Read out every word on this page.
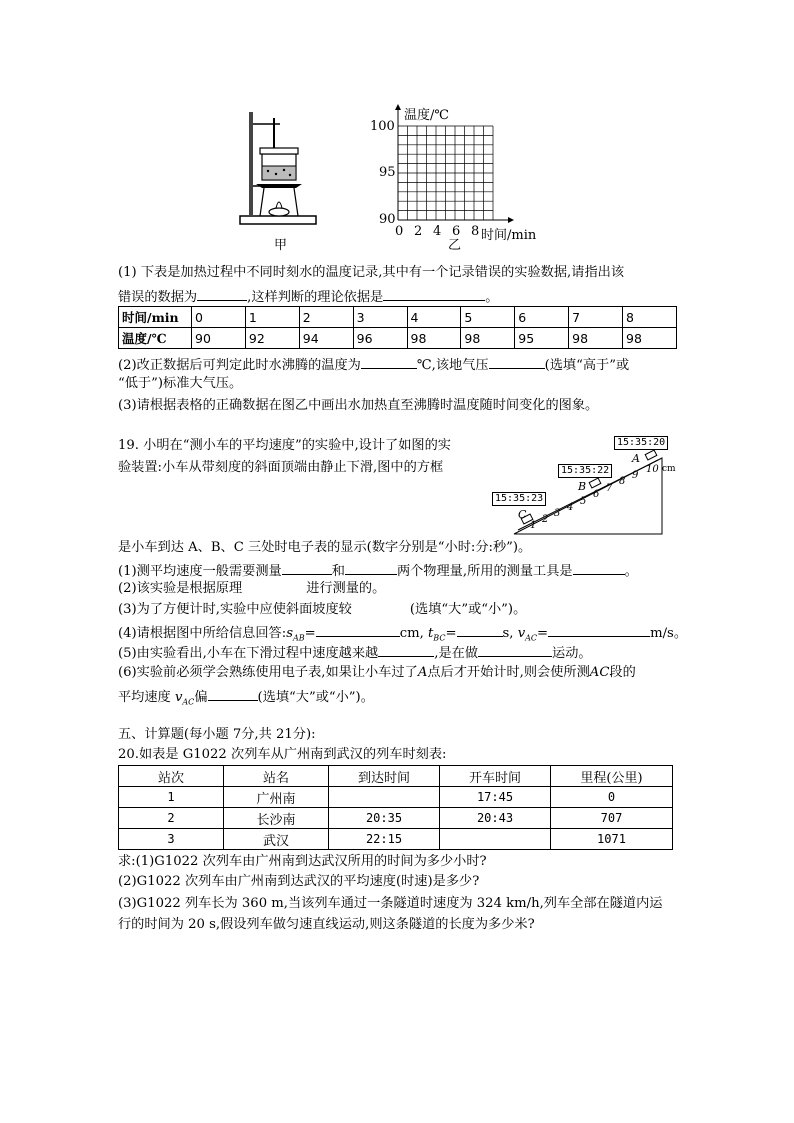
甲
温度/℃
100
95
90
0 2 4 6 8 时间/min
乙
(1) 下表是加热过程中不同时刻水的温度记录,其中有一个记录错误的实验数据,请指出该
错误的数据为	,这样判断的理论依据是	。
时间/min	0	1	2	3	4	5	6	7	8
温度/℃	90	92	94	96	98	98	95	98	98
(2)改正数据后可判定此时水沸腾的温度为	℃,该地气压	(选填“高于”或
“低于”)标准大气压。
(3)请根据表格的正确数据在图乙中画出水加热直至沸腾时温度随时间变化的图象。
19. 小明在“测小车的平均速度”的实验中,设计了如图的实
验装置:小车从带刻度的斜面顶端由静止下滑,图中的方框
15:35:20
15:35:22
15:35:23
A
B
C
1
2
3
4
5
6
7
8
9
10 cm
是小车到达 A、B、C 三处时电子表的显示(数字分别是“小时:分:秒”)。
(1)测平均速度一般需要测量	和	两个物理量,所用的测量工具是	。
(2)该实验是根据原理	进行测量的。
(3)为了方便计时,实验中应使斜面坡度较	(选填“大”或“小”)。
(4)请根据图中所给信息回答$:s_{AB}=$	cm, $t_{BC}=$	s, $v_{AC}=$	m/s。
(5)由实验看出,小车在下滑过程中速度越来越	,是在做	运动。
(6)实验前必须学会熟练使用电子表,如果让小车过了A点后才开始计时,则会使所测AC段的
平均速度 $v_{AC}$偏	(选填“大”或“小”)。
五、计算题(每小题 7分,共 21分):
20.如表是 G1022 次列车从广州南到武汉的列车时刻表:
站次	站名	到达时间	开车时间	里程(公里)
1	广州南		17:45	0
2	长沙南	20:35	20:43	707
3	武汉	22:15		1071
求:(1)G1022 次列车由广州南到达武汉所用的时间为多少小时?
(2)G1022 次列车由广州南到达武汉的平均速度(时速)是多少?
(3)G1022 列车长为 360 m,当该列车通过一条隧道时速度为 324 km/h,列车全部在隧道内运
行的时间为 20 s,假设列车做匀速直线运动,则这条隧道的长度为多少米?
